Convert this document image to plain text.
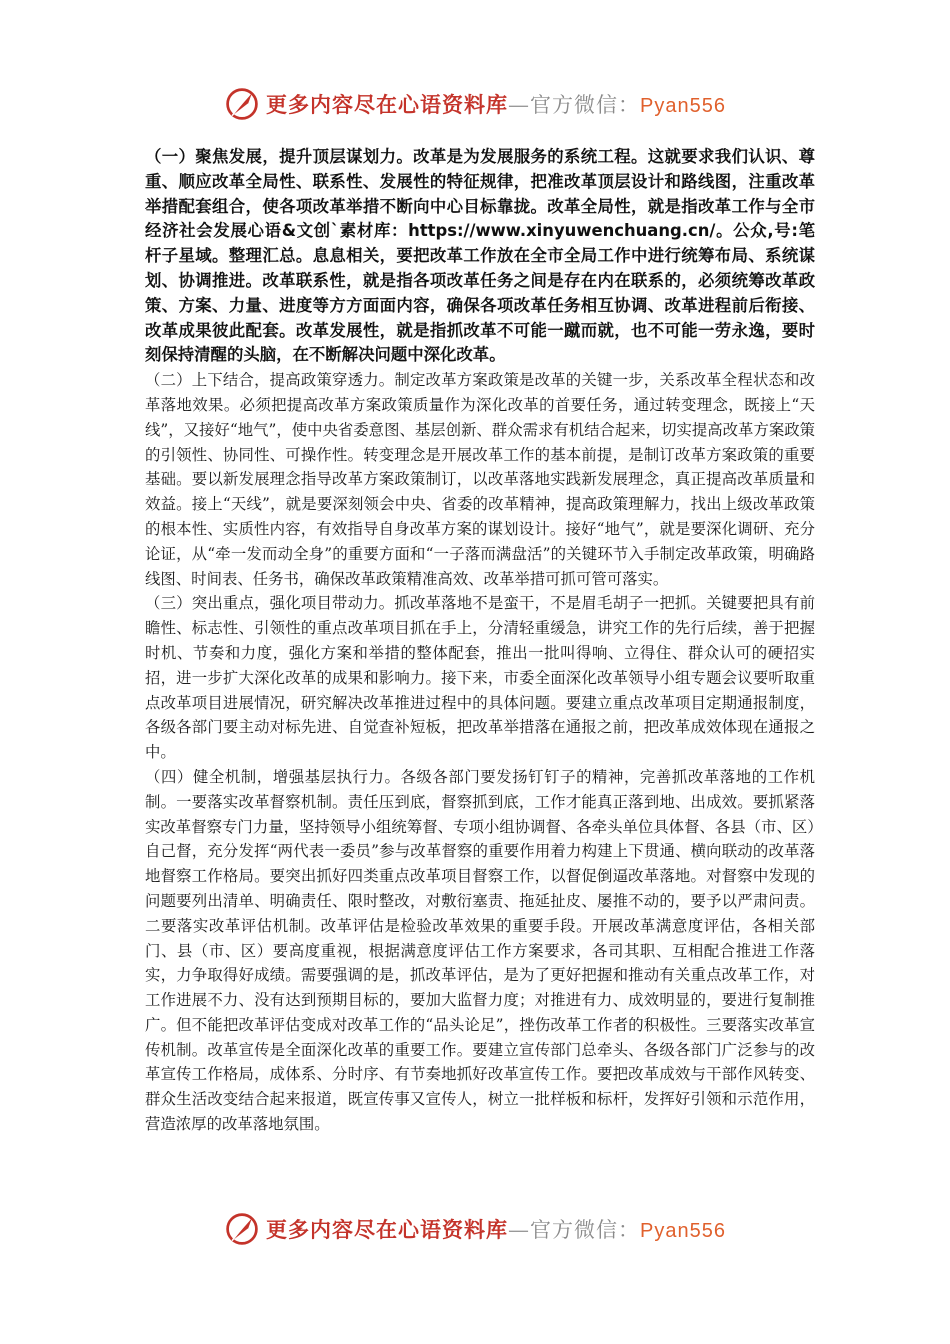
更多内容尽在心语资料库—官方微信：Pyan556

（一）聚焦发展，提升顶层谋划力。改革是为发展服务的系统工程。这就要求我们认识、尊重、顺应改革全局性、联系性、发展性的特征规律，把准改革顶层设计和路线图，注重改革举措配套组合，使各项改革举措不断向中心目标靠拢。改革全局性，就是指改革工作与全市经济社会发展心语&文创`素材库：https://www.xinyuwenchuang.cn/。公众,号:笔杆子星域。整理汇总。息息相关，要把改革工作放在全市全局工作中进行统筹布局、系统谋划、协调推进。改革联系性，就是指各项改革任务之间是存在内在联系的，必须统筹改革政策、方案、力量、进度等方方面面内容，确保各项改革任务相互协调、改革进程前后衔接、改革成果彼此配套。改革发展性，就是指抓改革不可能一蹴而就，也不可能一劳永逸，要时刻保持清醒的头脑，在不断解决问题中深化改革。

（二）上下结合，提高政策穿透力。制定改革方案政策是改革的关键一步，关系改革全程状态和改革落地效果。必须把提高改革方案政策质量作为深化改革的首要任务，通过转变理念，既接上“天线”，又接好“地气”，使中央省委意图、基层创新、群众需求有机结合起来，切实提高改革方案政策的引领性、协同性、可操作性。转变理念是开展改革工作的基本前提，是制订改革方案政策的重要基础。要以新发展理念指导改革方案政策制订，以改革落地实践新发展理念，真正提高改革质量和效益。接上“天线”，就是要深刻领会中央、省委的改革精神，提高政策理解力，找出上级改革政策的根本性、实质性内容，有效指导自身改革方案的谋划设计。接好“地气”，就是要深化调研、充分论证，从“牵一发而动全身”的重要方面和“一子落而满盘活”的关键环节入手制定改革政策，明确路线图、时间表、任务书，确保改革政策精准高效、改革举措可抓可管可落实。

（三）突出重点，强化项目带动力。抓改革落地不是蛮干，不是眉毛胡子一把抓。关键要把具有前瞻性、标志性、引领性的重点改革项目抓在手上，分清轻重缓急，讲究工作的先行后续，善于把握时机、节奏和力度，强化方案和举措的整体配套，推出一批叫得响、立得住、群众认可的硬招实招，进一步扩大深化改革的成果和影响力。接下来，市委全面深化改革领导小组专题会议要听取重点改革项目进展情况，研究解决改革推进过程中的具体问题。要建立重点改革项目定期通报制度，各级各部门要主动对标先进、自觉查补短板，把改革举措落在通报之前，把改革成效体现在通报之中。

（四）健全机制，增强基层执行力。各级各部门要发扬钉钉子的精神，完善抓改革落地的工作机制。一要落实改革督察机制。责任压到底，督察抓到底，工作才能真正落到地、出成效。要抓紧落实改革督察专门力量，坚持领导小组统筹督、专项小组协调督、各牵头单位具体督、各县（市、区）自己督，充分发挥“两代表一委员”参与改革督察的重要作用着力构建上下贯通、横向联动的改革落地督察工作格局。要突出抓好四类重点改革项目督察工作，以督促倒逼改革落地。对督察中发现的问题要列出清单、明确责任、限时整改，对敷衍塞责、拖延扯皮、屡推不动的，要予以严肃问责。二要落实改革评估机制。改革评估是检验改革效果的重要手段。开展改革满意度评估，各相关部门、县（市、区）要高度重视，根据满意度评估工作方案要求，各司其职、互相配合推进工作落实，力争取得好成绩。需要强调的是，抓改革评估，是为了更好把握和推动有关重点改革工作，对工作进展不力、没有达到预期目标的，要加大监督力度；对推进有力、成效明显的，要进行复制推广。但不能把改革评估变成对改革工作的“品头论足”，挫伤改革工作者的积极性。三要落实改革宣传机制。改革宣传是全面深化改革的重要工作。要建立宣传部门总牵头、各级各部门广泛参与的改革宣传工作格局，成体系、分时序、有节奏地抓好改革宣传工作。要把改革成效与干部作风转变、群众生活改变结合起来报道，既宣传事又宣传人，树立一批样板和标杆，发挥好引领和示范作用，营造浓厚的改革落地氛围。

更多内容尽在心语资料库—官方微信：Pyan556
